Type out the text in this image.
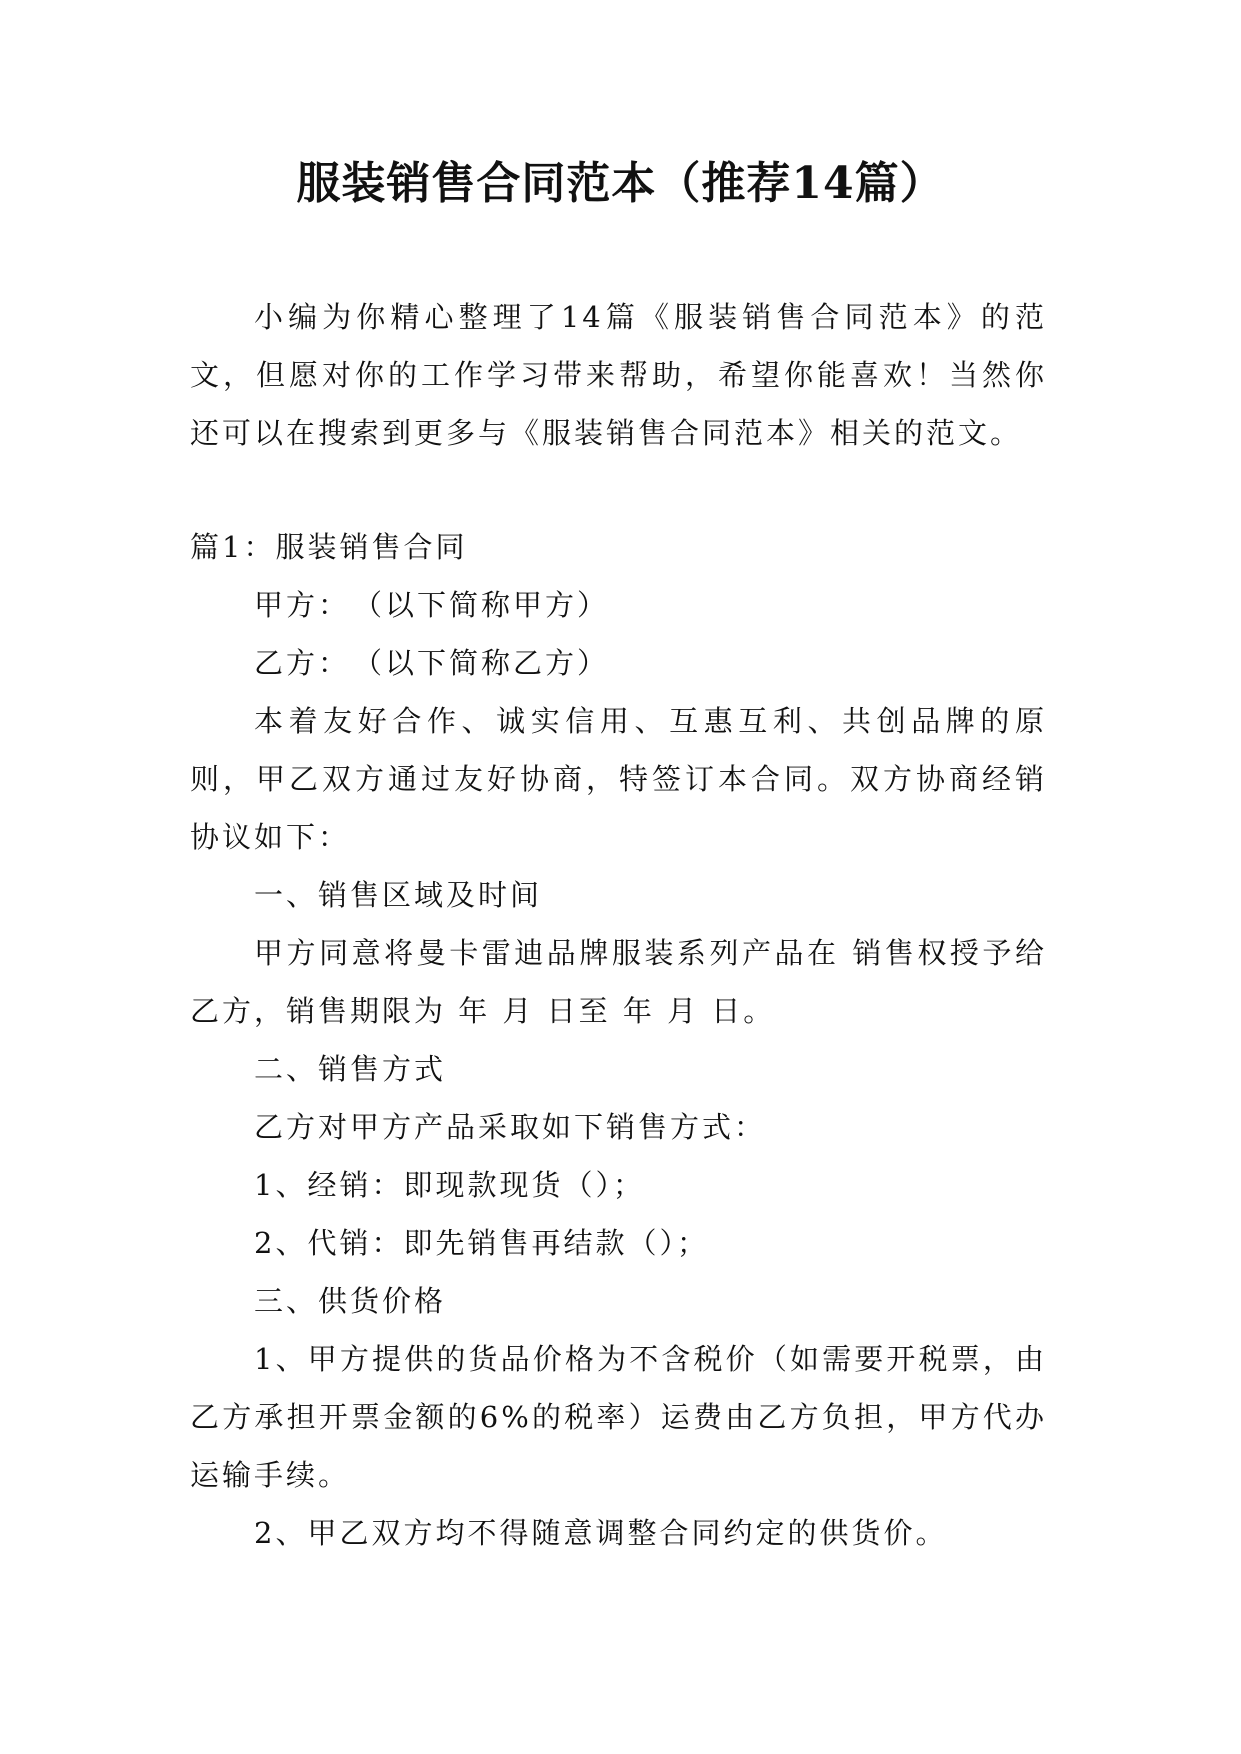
服装销售合同范本（推荐14篇）

小编为你精心整理了14篇《服装销售合同范本》的范文，但愿对你的工作学习带来帮助，希望你能喜欢！当然你还可以在搜索到更多与《服装销售合同范本》相关的范文。

篇1：服装销售合同

甲方：　（以下简称甲方）

乙方：　（以下简称乙方）

本着友好合作、诚实信用、互惠互利、共创品牌的原则，甲乙双方通过友好协商，特签订本合同。双方协商经销协议如下：

一、销售区域及时间

甲方同意将曼卡雷迪品牌服装系列产品在 销售权授予给乙方，销售期限为 年 月 日至 年 月 日。

二、销售方式

乙方对甲方产品采取如下销售方式：

1、经销：即现款现货（）；

2、代销：即先销售再结款（）；

三、供货价格

1、甲方提供的货品价格为不含税价（如需要开税票，由乙方承担开票金额的6%的税率）运费由乙方负担，甲方代办运输手续。

2、甲乙双方均不得随意调整合同约定的供货价。
